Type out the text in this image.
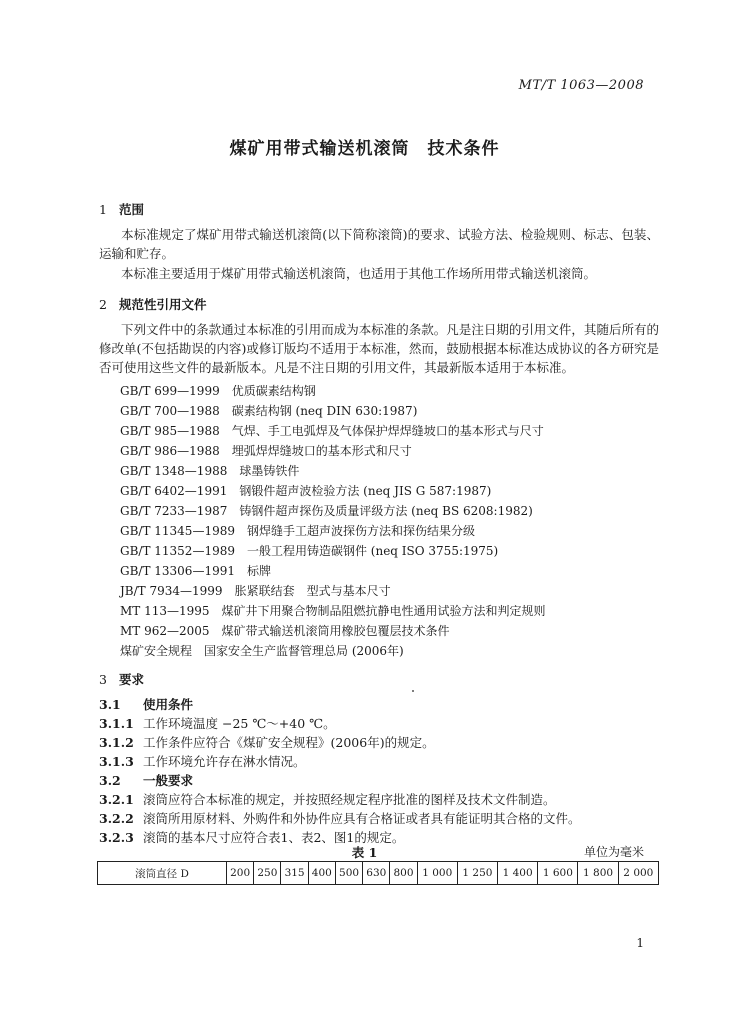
MT/T 1063—2008
煤矿用带式输送机滚筒　技术条件
1 范围
本标准规定了煤矿用带式输送机滚筒(以下简称滚筒)的要求、试验方法、检验规则、标志、包装、运输和贮存。
本标准主要适用于煤矿用带式输送机滚筒，也适用于其他工作场所用带式输送机滚筒。
2 规范性引用文件
下列文件中的条款通过本标准的引用而成为本标准的条款。凡是注日期的引用文件，其随后所有的修改单(不包括勘误的内容)或修订版均不适用于本标准，然而，鼓励根据本标准达成协议的各方研究是否可使用这些文件的最新版本。凡是不注日期的引用文件，其最新版本适用于本标准。
GB/T 699—1999　优质碳素结构钢
GB/T 700—1988　碳素结构钢 (neq DIN 630:1987)
GB/T 985—1988　气焊、手工电弧焊及气体保护焊焊缝坡口的基本形式与尺寸
GB/T 986—1988　埋弧焊焊缝坡口的基本形式和尺寸
GB/T 1348—1988　球墨铸铁件
GB/T 6402—1991　钢锻件超声波检验方法 (neq JIS G 587:1987)
GB/T 7233—1987　铸钢件超声探伤及质量评级方法 (neq BS 6208:1982)
GB/T 11345—1989　钢焊缝手工超声波探伤方法和探伤结果分级
GB/T 11352—1989　一般工程用铸造碳钢件 (neq ISO 3755:1975)
GB/T 13306—1991　标牌
JB/T 7934—1999　胀紧联结套　型式与基本尺寸
MT 113—1995　煤矿井下用聚合物制品阻燃抗静电性通用试验方法和判定规则
MT 962—2005　煤矿带式输送机滚筒用橡胶包覆层技术条件
煤矿安全规程　国家安全生产监督管理总局 (2006年)
3 要求
3.1 使用条件
3.1.1 工作环境温度 −25 ℃～+40 ℃。
3.1.2 工作条件应符合《煤矿安全规程》(2006年)的规定。
3.1.3 工作环境允许存在淋水情况。
3.2 一般要求
3.2.1 滚筒应符合本标准的规定，并按照经规定程序批准的图样及技术文件制造。
3.2.2 滚筒所用原材料、外购件和外协件应具有合格证或者具有能证明其合格的文件。
3.2.3 滚筒的基本尺寸应符合表1、表2、图1的规定。
表 1	单位为毫米
滚筒直径 D	200	250	315	400	500	630	800	1 000	1 250	1 400	1 600	1 800	2 000
1
